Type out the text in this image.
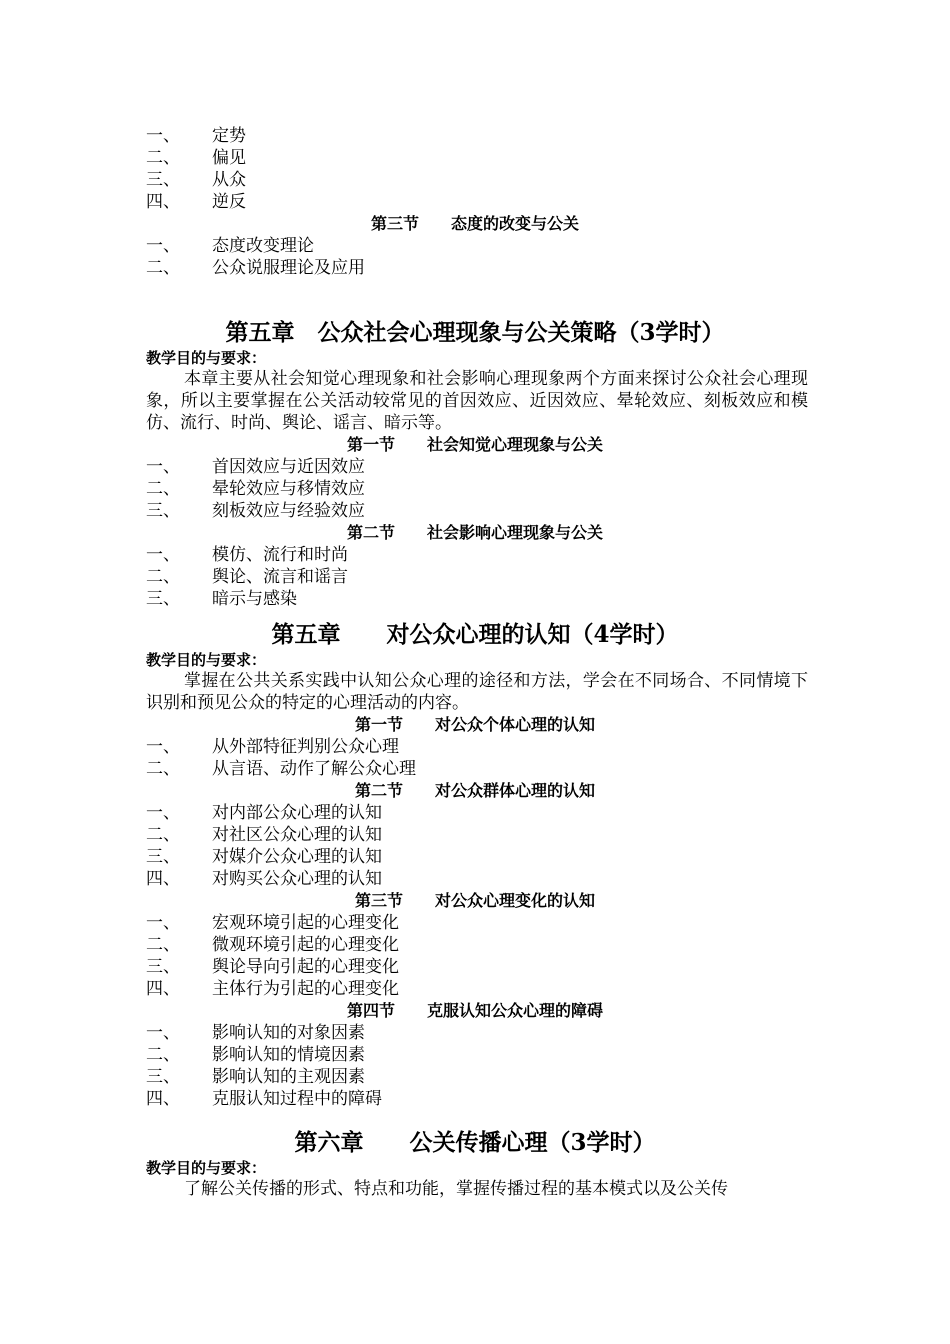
一、 定势
二、 偏见
三、 从众
四、 逆反
第三节　　态度的改变与公关
一、 态度改变理论
二、 公众说服理论及应用
第五章　公众社会心理现象与公关策略（3学时）
教学目的与要求：
本章主要从社会知觉心理现象和社会影响心理现象两个方面来探讨公众社会心理现象，所以主要掌握在公关活动较常见的首因效应、近因效应、晕轮效应、刻板效应和模仿、流行、时尚、舆论、谣言、暗示等。
第一节　　社会知觉心理现象与公关
一、 首因效应与近因效应
二、 晕轮效应与移情效应
三、 刻板效应与经验效应
第二节　　社会影响心理现象与公关
一、 模仿、流行和时尚
二、 舆论、流言和谣言
三、 暗示与感染
第五章　　对公众心理的认知（4学时）
教学目的与要求：
掌握在公共关系实践中认知公众心理的途径和方法，学会在不同场合、不同情境下识别和预见公众的特定的心理活动的内容。
第一节　　对公众个体心理的认知
一、 从外部特征判别公众心理
二、 从言语、动作了解公众心理
第二节　　对公众群体心理的认知
一、 对内部公众心理的认知
二、 对社区公众心理的认知
三、 对媒介公众心理的认知
四、 对购买公众心理的认知
第三节　　对公众心理变化的认知
一、 宏观环境引起的心理变化
二、 微观环境引起的心理变化
三、 舆论导向引起的心理变化
四、 主体行为引起的心理变化
第四节　　克服认知公众心理的障碍
一、 影响认知的对象因素
二、 影响认知的情境因素
三、 影响认知的主观因素
四、 克服认知过程中的障碍
第六章　　公关传播心理（3学时）
教学目的与要求：
了解公关传播的形式、特点和功能，掌握传播过程的基本模式以及公关传
